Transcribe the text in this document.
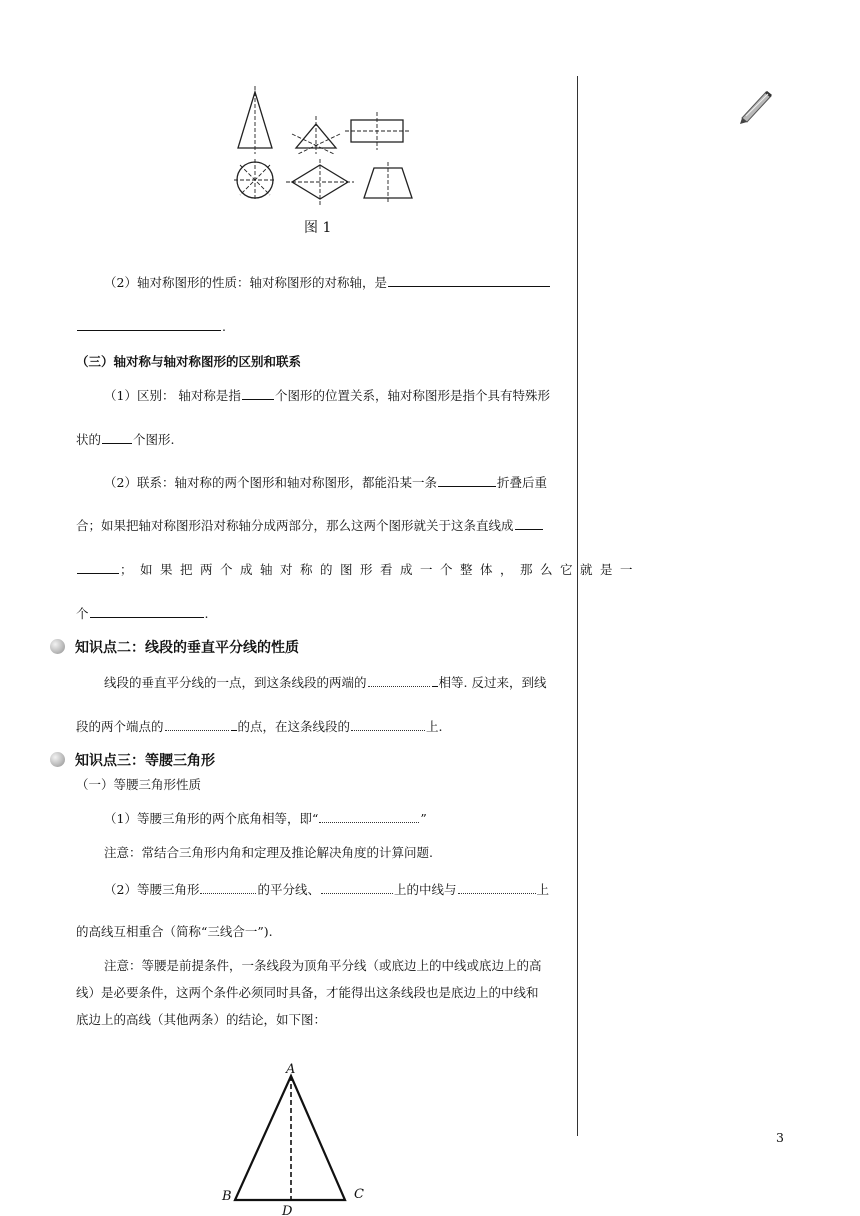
图 1
（2）轴对称图形的性质：轴对称图形的对称轴，是
.
（三）轴对称与轴对称图形的区别和联系
（1）区别： 轴对称是指	个图形的位置关系，轴对称图形是指个具有特殊形
状的	个图形.
（2）联系：轴对称的两个图形和轴对称图形，都能沿某一条	折叠后重
合；如果把轴对称图形沿对称轴分成两部分，那么这两个图形就关于这条直线成
；如果把两个成轴对称的图形看成一个整体，那么它就是一
个	.
知识点二：线段的垂直平分线的性质
线段的垂直平分线的一点，到这条线段的两端的	相等. 反过来，到线
段的两个端点的	的点，在这条线段的	上.
知识点三：等腰三角形
（一）等腰三角形性质
（1）等腰三角形的两个底角相等，即“	”
注意：常结合三角形内角和定理及推论解决角度的计算问题.
（2）等腰三角形	的平分线、	上的中线与	上
的高线互相重合（简称“三线合一”).
注意：等腰是前提条件，一条线段为顶角平分线（或底边上的中线或底边上的高
线）是必要条件，这两个条件必须同时具备，才能得出这条线段也是底边上的中线和
底边上的高线（其他两条）的结论，如下图：
A
B	C
D
3
